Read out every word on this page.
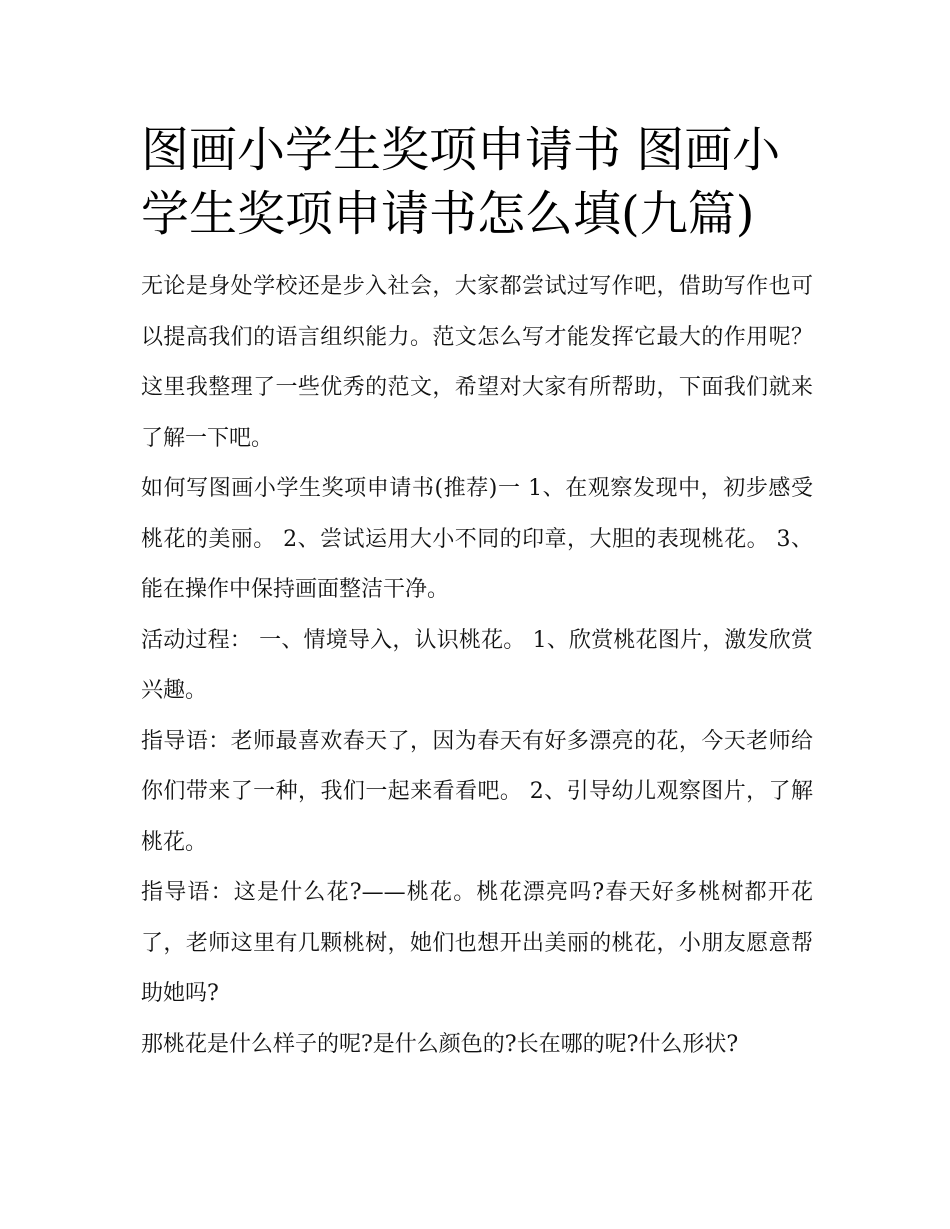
图画小学生奖项申请书 图画小学生奖项申请书怎么填(九篇)

无论是身处学校还是步入社会，大家都尝试过写作吧，借助写作也可以提高我们的语言组织能力。范文怎么写才能发挥它最大的作用呢？这里我整理了一些优秀的范文，希望对大家有所帮助，下面我们就来了解一下吧。

如何写图画小学生奖项申请书(推荐)一 1、在观察发现中，初步感受桃花的美丽。 2、尝试运用大小不同的印章，大胆的表现桃花。 3、能在操作中保持画面整洁干净。

活动过程： 一、情境导入，认识桃花。 1、欣赏桃花图片，激发欣赏兴趣。

指导语：老师最喜欢春天了，因为春天有好多漂亮的花，今天老师给你们带来了一种，我们一起来看看吧。 2、引导幼儿观察图片，了解桃花。

指导语：这是什么花?——桃花。桃花漂亮吗?春天好多桃树都开花了，老师这里有几颗桃树，她们也想开出美丽的桃花，小朋友愿意帮助她吗?

那桃花是什么样子的呢?是什么颜色的?长在哪的呢?什么形状?
